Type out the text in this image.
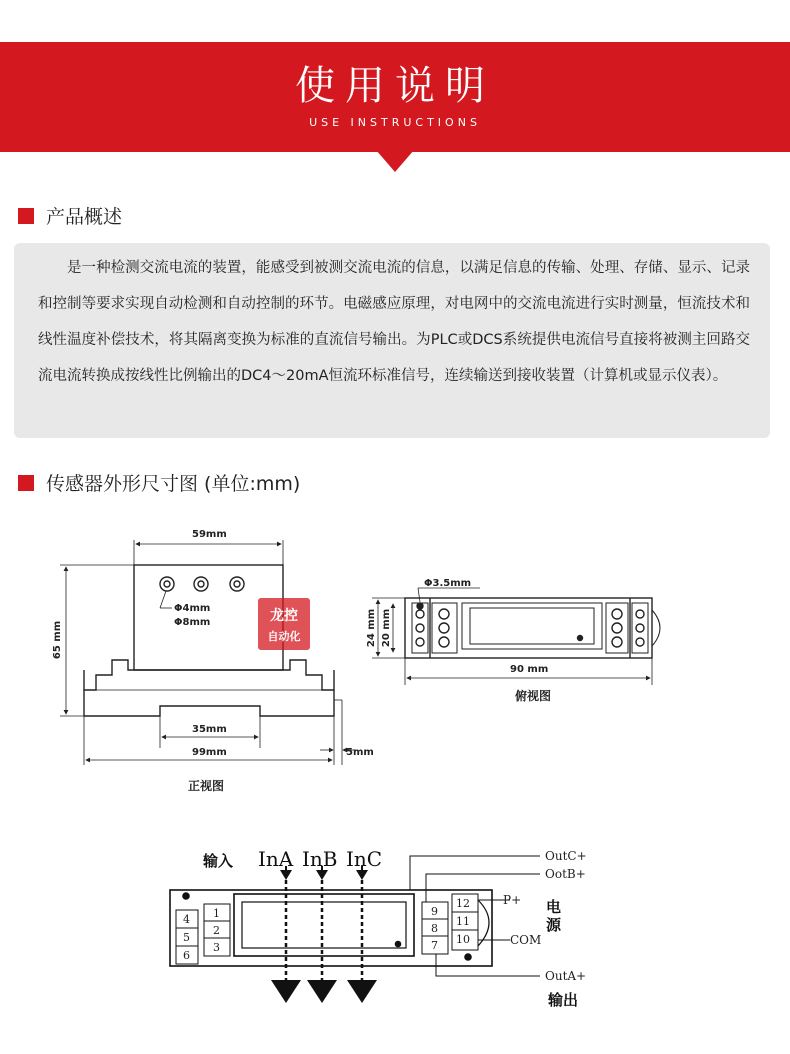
使用说明
USE INSTRUCTIONS
产品概述

是一种检测交流电流的装置，能感受到被测交流电流的信息，以满足信息的传输、处理、存储、显示、记录和控制等要求实现自动检测和自动控制的环节。电磁感应原理，对电网中的交流电流进行实时测量，恒流技术和线性温度补偿技术，将其隔离变换为标准的直流信号输出。为PLC或DCS系统提供电流信号直接将被测主回路交流电流转换成按线性比例输出的DC4～20mA恒流环标准信号，连续输送到接收装置（计算机或显示仪表）。

传感器外形尺寸图 (单位:mm)
59mm
Φ4mm
Φ8mm
65 mm
35mm
99mm	5mm
正视图
龙控
自动化
Φ3.5mm
24 mm 20 mm
90 mm
俯视图
输入 InA InB InC
4
5
6
1
2
3
9
8
7
12
11
10
OutC+
OotB+
OutA+
P+
COM
电
源
输出
